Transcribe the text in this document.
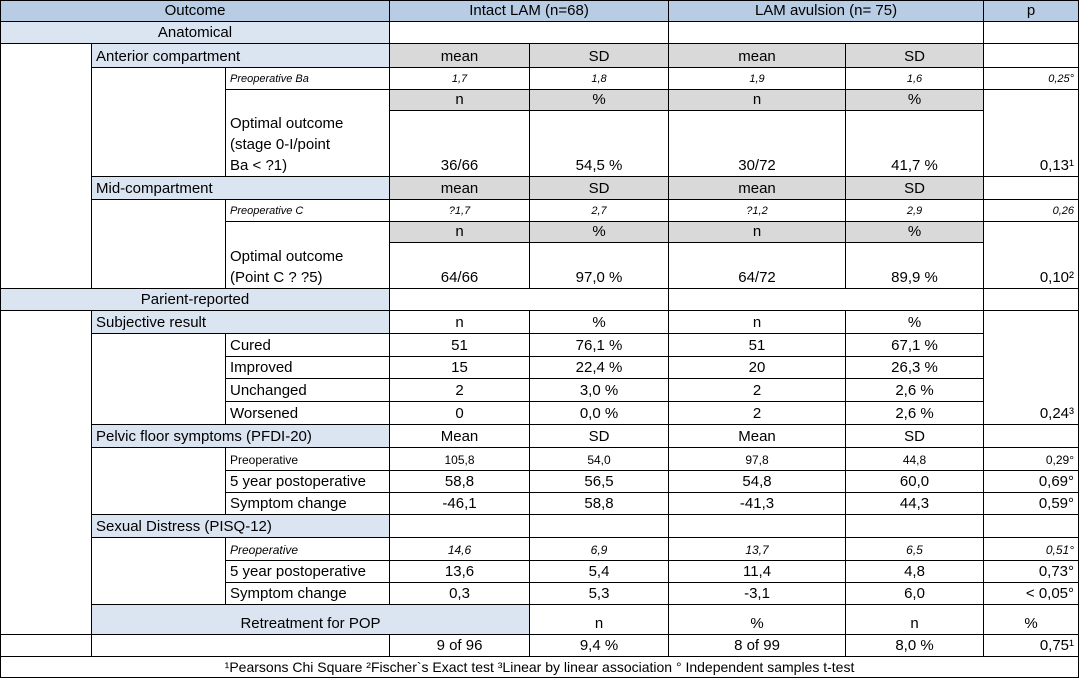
Outcome			Intact LAM (n=68)		LAM avulsion (n= 75)		p	
Anatomical								
	Anterior compartment		mean	SD	mean	SD		
		Preoperative Ba	1,7	1,8	1,9	1,6	0,25°	
			n	%	n	%		

		Optimal outcome
(stage 0-I/point
Ba < ?1)	36/66	54,5 %	30/72	41,7 %	0,13¹	
	Mid-compartment		mean	SD	mean	SD		
		Preoperative C	?1,7	2,7	?1,2	2,9	0,26	
			n	%	n	%		

		Optimal outcome
(Point C ? ?5)	64/66	97,0 %	64/72	89,9 %	0,10²	
Parient-reported								
	Subjective result		n	%	n	%		
		Cured	51	76,1 %	51	67,1 %		
		Improved	15	22,4 %	20	26,3 %		
		Unchanged	2	3,0 %	2	2,6 %		
		Worsened	0	0,0 %	2	2,6 %	0,24³	
	Pelvic floor symptoms (PFDI-20)		Mean	SD	Mean	SD		
		Preoperative	105,8	54,0	97,8	44,8	0,29°	
		5 year postoperative	58,8	56,5	54,8	60,0	0,69°	
		Symptom change	-46,1	58,8	-41,3	44,3	0,59°	
	Sexual Distress (PISQ-12)							
		Preoperative	14,6	6,9	13,7	6,5	0,51°	
		5 year postoperative	13,6	5,4	11,4	4,8	0,73°	
		Symptom change	0,3	5,3	-3,1	6,0	< 0,05°	
	Retreatment for POP			n	%	n	%	
			9 of 96	9,4 %	8 of 99	8,0 %	0,75¹	
¹Pearsons Chi Square ²Fischer`s Exact test ³Linear by linear association ° Independent samples t-test								
